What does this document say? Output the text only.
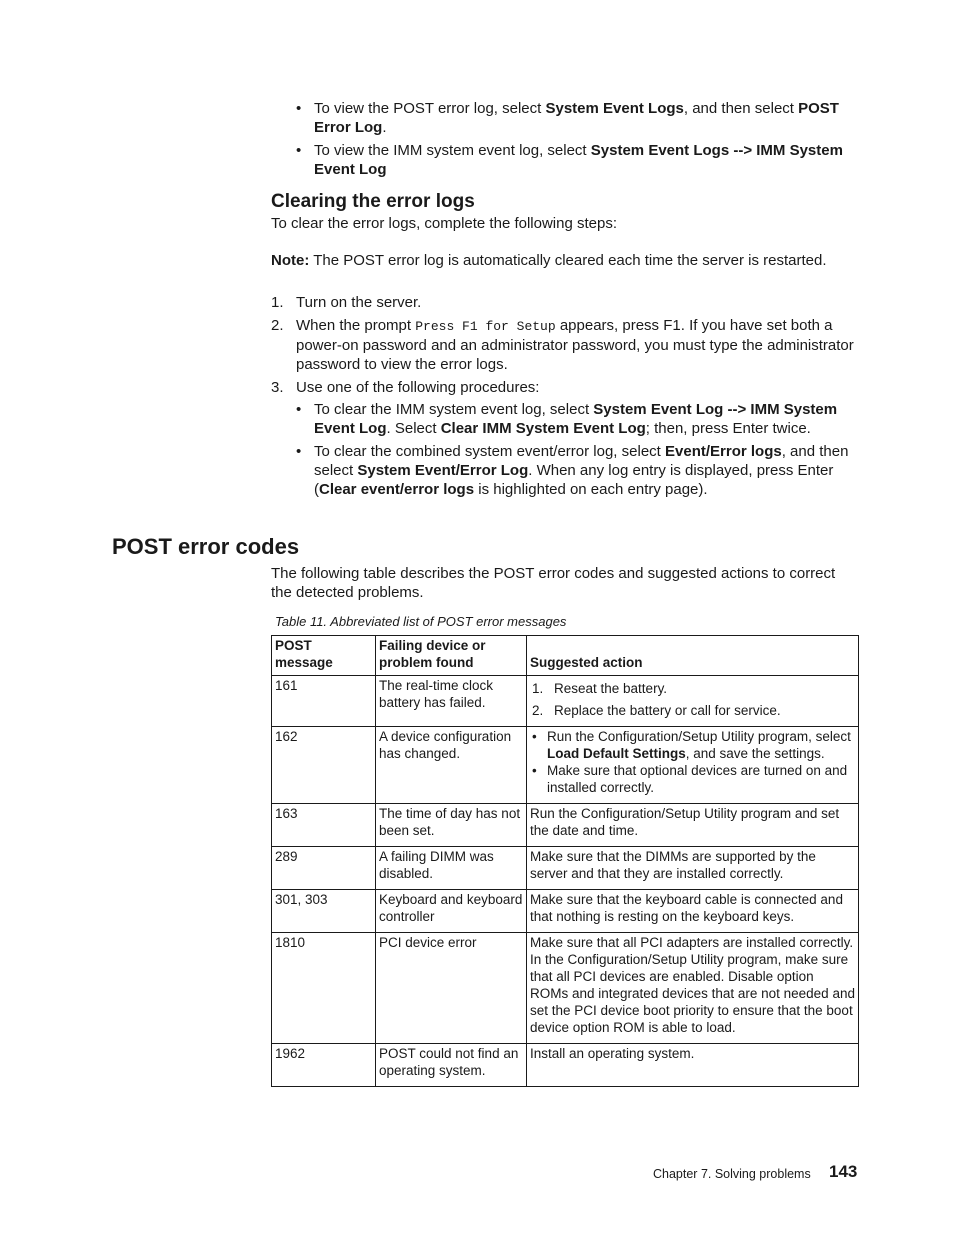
• To view the POST error log, select System Event Logs, and then select POST Error Log.
• To view the IMM system event log, select System Event Logs --> IMM System Event Log
Clearing the error logs
To clear the error logs, complete the following steps:
Note: The POST error log is automatically cleared each time the server is restarted.
1. Turn on the server.
2. When the prompt Press F1 for Setup appears, press F1. If you have set both a power-on password and an administrator password, you must type the administrator password to view the error logs.
3. Use one of the following procedures:
• To clear the IMM system event log, select System Event Log --> IMM System Event Log. Select Clear IMM System Event Log; then, press Enter twice.
• To clear the combined system event/error log, select Event/Error logs, and then select System Event/Error Log. When any log entry is displayed, press Enter (Clear event/error logs is highlighted on each entry page).
POST error codes
The following table describes the POST error codes and suggested actions to correct the detected problems.
Table 11. Abbreviated list of POST error messages
POST message	Failing device or problem found	Suggested action
161	The real-time clock battery has failed.	1. Reseat the battery.
2. Replace the battery or call for service.

162	A device configuration has changed.	• Run the Configuration/Setup Utility program, select Load Default Settings, and save the settings.
• Make sure that optional devices are turned on and installed correctly.

163	The time of day has not been set.	Run the Configuration/Setup Utility program and set the date and time.
289	A failing DIMM was disabled.	Make sure that the DIMMs are supported by the server and that they are installed correctly.
301, 303	Keyboard and keyboard controller	Make sure that the keyboard cable is connected and that nothing is resting on the keyboard keys.
1810	PCI device error	Make sure that all PCI adapters are installed correctly. In the Configuration/Setup Utility program, make sure that all PCI devices are enabled. Disable option ROMs and integrated devices that are not needed and set the PCI device boot priority to ensure that the boot device option ROM is able to load.
1962	POST could not find an operating system.	Install an operating system.
Chapter 7. Solving problems 143
